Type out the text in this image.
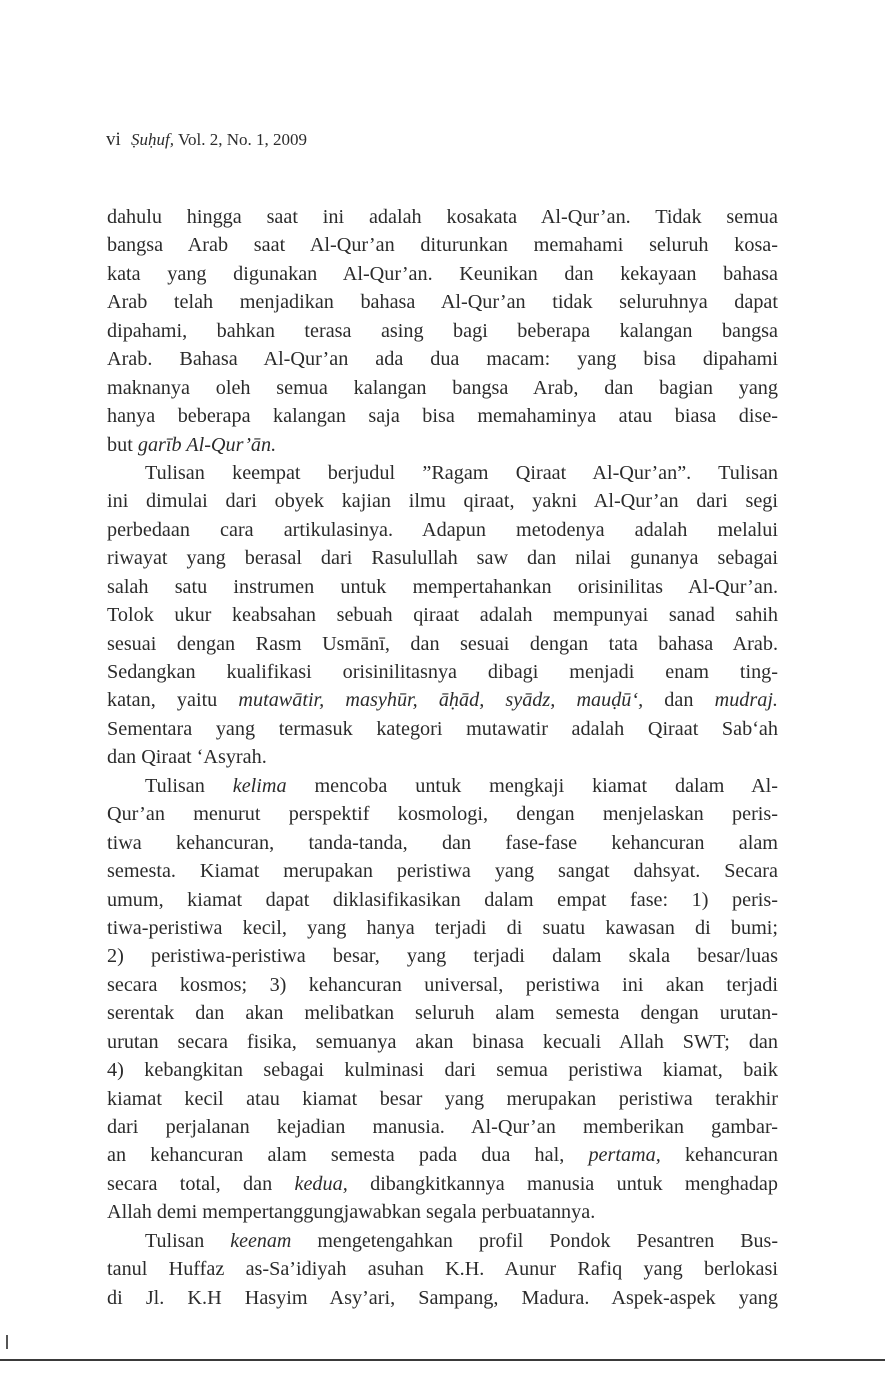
vi Ṣuḥuf, Vol. 2, No. 1, 2009
dahulu hingga saat ini adalah kosakata Al-Qur’an. Tidak semua
bangsa Arab saat Al-Qur’an diturunkan memahami seluruh kosa-
kata yang digunakan Al-Qur’an. Keunikan dan kekayaan bahasa
Arab telah menjadikan bahasa Al-Qur’an tidak seluruhnya dapat
dipahami, bahkan terasa asing bagi beberapa kalangan bangsa
Arab. Bahasa Al-Qur’an ada dua macam: yang bisa dipahami
maknanya oleh semua kalangan bangsa Arab, dan bagian yang
hanya beberapa kalangan saja bisa memahaminya atau biasa dise-
but garīb Al-Qur’ān.
Tulisan keempat berjudul ”Ragam Qiraat Al-Qur’an”. Tulisan
ini dimulai dari obyek kajian ilmu qiraat, yakni Al-Qur’an dari segi
perbedaan cara artikulasinya. Adapun metodenya adalah melalui
riwayat yang berasal dari Rasulullah saw dan nilai gunanya sebagai
salah satu instrumen untuk mempertahankan orisinilitas Al-Qur’an.
Tolok ukur keabsahan sebuah qiraat adalah mempunyai sanad sahih
sesuai dengan Rasm Usmānī, dan sesuai dengan tata bahasa Arab.
Sedangkan kualifikasi orisinilitasnya dibagi menjadi enam ting-
katan, yaitu mutawātir, masyhūr, āḥād, syādz, mauḍū‘, dan mudraj.
Sementara yang termasuk kategori mutawatir adalah Qiraat Sab‘ah
dan Qiraat ‘Asyrah.
Tulisan kelima mencoba untuk mengkaji kiamat dalam Al-
Qur’an menurut perspektif kosmologi, dengan menjelaskan peris-
tiwa kehancuran, tanda-tanda, dan fase-fase kehancuran alam
semesta. Kiamat merupakan peristiwa yang sangat dahsyat. Secara
umum, kiamat dapat diklasifikasikan dalam empat fase: 1) peris-
tiwa-peristiwa kecil, yang hanya terjadi di suatu kawasan di bumi;
2) peristiwa-peristiwa besar, yang terjadi dalam skala besar/luas
secara kosmos; 3) kehancuran universal, peristiwa ini akan terjadi
serentak dan akan melibatkan seluruh alam semesta dengan urutan-
urutan secara fisika, semuanya akan binasa kecuali Allah SWT; dan
4) kebangkitan sebagai kulminasi dari semua peristiwa kiamat, baik
kiamat kecil atau kiamat besar yang merupakan peristiwa terakhir
dari perjalanan kejadian manusia. Al-Qur’an memberikan gambar-
an kehancuran alam semesta pada dua hal, pertama, kehancuran
secara total, dan kedua, dibangkitkannya manusia untuk menghadap
Allah demi mempertanggungjawabkan segala perbuatannya.
Tulisan keenam mengetengahkan profil Pondok Pesantren Bus-
tanul Huffaz as-Sa’idiyah asuhan K.H. Aunur Rafiq yang berlokasi
di Jl. K.H Hasyim Asy’ari, Sampang, Madura. Aspek-aspek yang
